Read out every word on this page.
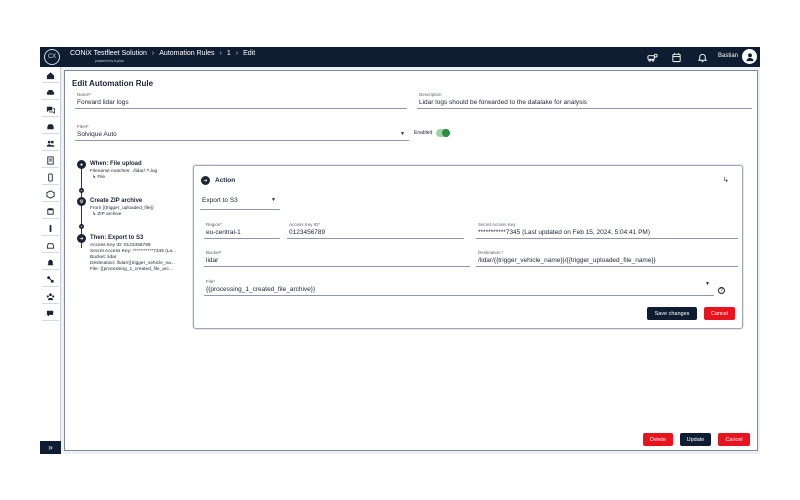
CX CONiX Testfleet Solution › Automation Rules › 1 › Edit
powered by b-plus
Bastian
»
Edit Automation Rule
Name*
Forward lidar logs
Description
Lidar logs should be forwarded to the datalake for analysis
Fleet*
Solvique Auto	▼ Enabled
●	When: File upload
Filename matches: ./lidar/.*\.log
↳ File
+
⚙	Create ZIP archive
From {{trigger_uploaded_file}}
↳ ZIP archive
+
➜	Then: Export to S3
Access Key ID: 0123456789
Secret Access Key: ***********7345 (La...
Bucket: lidar
Destination: /lidar/{{trigger_vehicle_na...
File: {{processing_1_created_file_arc...
➜	Action	↳
Export to S3	▼
Region*
eu-central-1
Access Key ID*
0123456789
Secret Access Key
***********7345 (Last updated on Feb 15, 2024, 5:04:41 PM)
Bucket*
lidar
Destination *
/lidar/{{trigger_vehicle_name}}/{{trigger_uploaded_file_name}}
File*
{{processing_1_created_file_archive}}
▼
?
Save changes	Cancel
Delete	Update	Cancel
